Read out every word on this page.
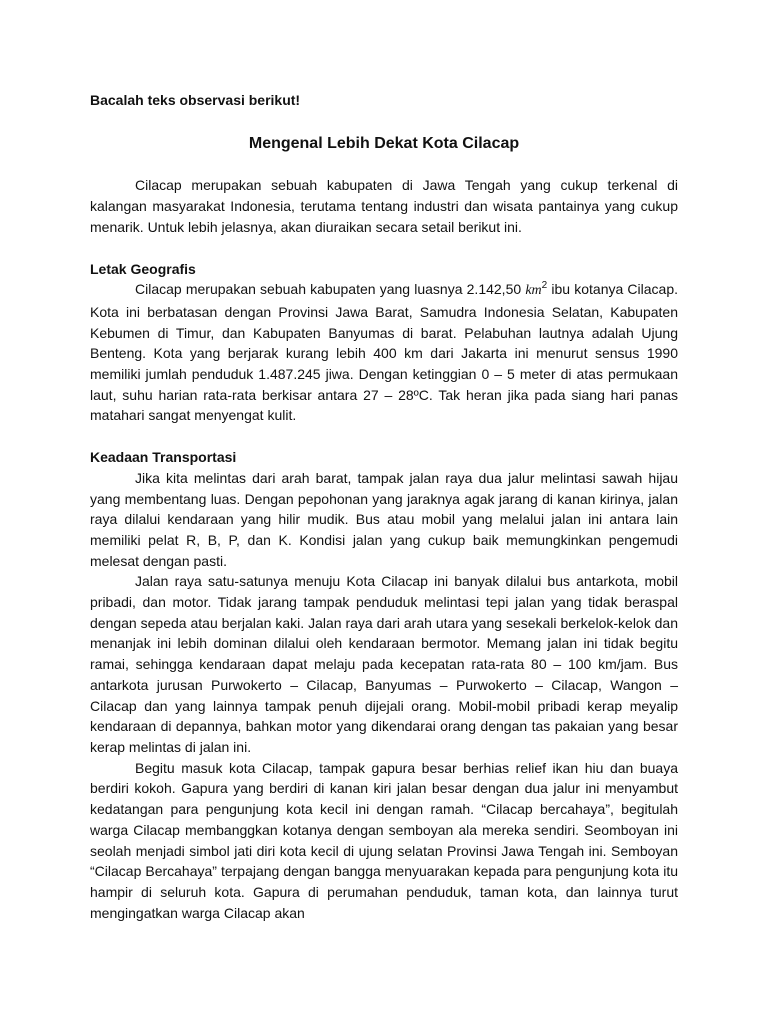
Bacalah teks observasi berikut!
Mengenal Lebih Dekat Kota Cilacap

Cilacap merupakan sebuah kabupaten di Jawa Tengah yang cukup terkenal di kalangan masyarakat Indonesia, terutama tentang industri dan wisata pantainya yang cukup menarik. Untuk lebih jelasnya, akan diuraikan secara setail berikut ini.

Letak Geografis

Cilacap merupakan sebuah kabupaten yang luasnya 2.142,50 $km^2$ ibu kotanya Cilacap. Kota ini berbatasan dengan Provinsi Jawa Barat, Samudra Indonesia Selatan, Kabupaten Kebumen di Timur, dan Kabupaten Banyumas di barat. Pelabuhan lautnya adalah Ujung Benteng. Kota yang berjarak kurang lebih 400 km dari Jakarta ini menurut sensus 1990 memiliki jumlah penduduk 1.487.245 jiwa. Dengan ketinggian 0 – 5 meter di atas permukaan laut, suhu harian rata-rata berkisar antara 27 – 28ºC. Tak heran jika pada siang hari panas matahari sangat menyengat kulit.

Keadaan Transportasi

Jika kita melintas dari arah barat, tampak jalan raya dua jalur melintasi sawah hijau yang membentang luas. Dengan pepohonan yang jaraknya agak jarang di kanan kirinya, jalan raya dilalui kendaraan yang hilir mudik. Bus atau mobil yang melalui jalan ini antara lain memiliki pelat R, B, P, dan K. Kondisi jalan yang cukup baik memungkinkan pengemudi melesat dengan pasti.

Jalan raya satu-satunya menuju Kota Cilacap ini banyak dilalui bus antarkota, mobil pribadi, dan motor. Tidak jarang tampak penduduk melintasi tepi jalan yang tidak beraspal dengan sepeda atau berjalan kaki. Jalan raya dari arah utara yang sesekali berkelok-kelok dan menanjak ini lebih dominan dilalui oleh kendaraan bermotor. Memang jalan ini tidak begitu ramai, sehingga kendaraan dapat melaju pada kecepatan rata-rata 80 – 100 km/jam. Bus antarkota jurusan Purwokerto – Cilacap, Banyumas – Purwokerto – Cilacap, Wangon – Cilacap dan yang lainnya tampak penuh dijejali orang. Mobil-mobil pribadi kerap meyalip kendaraan di depannya, bahkan motor yang dikendarai orang dengan tas pakaian yang besar kerap melintas di jalan ini.

Begitu masuk kota Cilacap, tampak gapura besar berhias relief ikan hiu dan buaya berdiri kokoh. Gapura yang berdiri di kanan kiri jalan besar dengan dua jalur ini menyambut kedatangan para pengunjung kota kecil ini dengan ramah. “Cilacap bercahaya”, begitulah warga Cilacap membanggkan kotanya dengan semboyan ala mereka sendiri. Seomboyan ini seolah menjadi simbol jati diri kota kecil di ujung selatan Provinsi Jawa Tengah ini. Semboyan “Cilacap Bercahaya” terpajang dengan bangga menyuarakan kepada para pengunjung kota itu hampir di seluruh kota. Gapura di perumahan penduduk, taman kota, dan lainnya turut mengingatkan warga Cilacap akan
